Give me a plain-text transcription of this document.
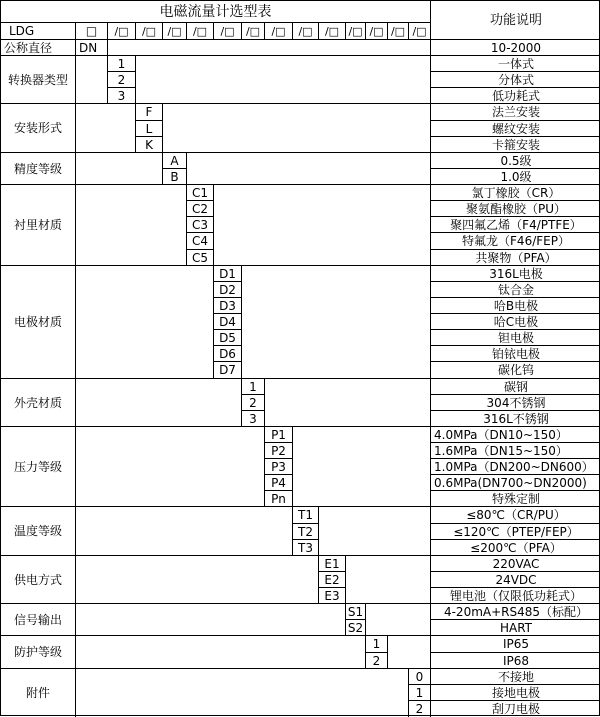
电磁流量计选型表
功能说明
LDG	□	/□	/□	/□	/□	/□	/□	/□	/□	/□ /□ /□ /□ /□
公称直径	DN	10-2000
转换器类型
1	一体式
2	分体式
3	低功耗式
安装形式
F	法兰安装
L	螺纹安装
K	卡箍安装
精度等级
A	0.5级
B	1.0级
衬里材质
C1	氯丁橡胶（CR）
C2	聚氨酯橡胶（PU）
C3	聚四氟乙烯（F4/PTFE）
C4	特氟龙（F46/FEP）
C5	共聚物（PFA）
电极材质
D1	316L电极
D2	钛合金
D3	哈B电极
D4	哈C电极
D5	钽电极
D6	铂铱电极
D7	碳化钨
外壳材质
1	碳钢
2	304不锈钢
3	316L不锈钢
压力等级
P1	4.0MPa（DN10~150）
P2	1.6MPa（DN15~150）
P3	1.0MPa（DN200~DN600）
P4	0.6MPa(DN700~DN2000)
Pn	特殊定制
温度等级
T1	≤80℃（CR/PU）
T2	≤120℃（PTEP/FEP）
T3	≤200℃（PFA）
供电方式
E1	220VAC
E2	24VDC
E3	锂电池（仅限低功耗式）
信号输出
S1	4-20mA+RS485（标配）
S2	HART
防护等级
1	IP65
2	IP68
附件
0	不接地
1	接地电极
2	刮刀电极
